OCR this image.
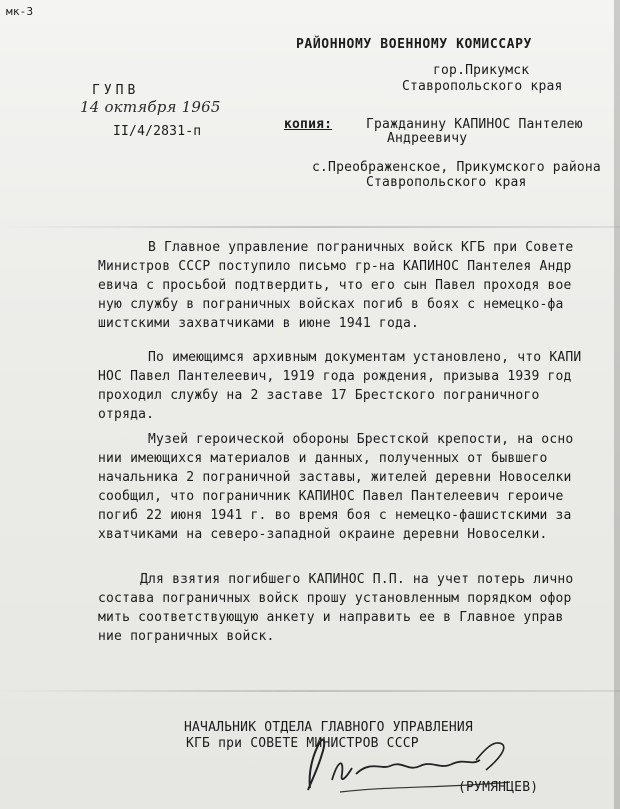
мк-3
РАЙОННОМУ ВОЕННОМУ КОМИССАРУ
гор.Прикумск
Ставропольского края
ГУПВ
14 октября 1965
II/4/2831-п	копия:	Гражданину КАПИНОС Пантелею
Андреевичу
с.Преображенское, Прикумского района
Ставропольского края
В Главное управление пограничных войск КГБ при Совете
Министров СССР поступило письмо гр-на КАПИНОС Пантелея Андр
евича с просьбой подтвердить, что его сын Павел проходя вое
ную службу в пограничных войсках погиб в боях с немецко-фа
шистскими захватчиками в июне 1941 года.
По имеющимся архивным документам установлено, что КАПИ
НОС Павел Пантелеевич, 1919 года рождения, призыва 1939 год
проходил службу на 2 заставе 17 Брестского пограничного
отряда.
Музей героической обороны Брестской крепости, на осно
нии имеющихся материалов и данных, полученных от бывшего
начальника 2 пограничной заставы, жителей деревни Новоселки
сообщил, что пограничник КАПИНОС Павел Пантелеевич героиче
погиб 22 июня 1941 г. во время боя с немецко-фашистскими за
хватчиками на северо-западной окраине деревни Новоселки.
Для взятия погибшего КАПИНОС П.П. на учет потерь лично
состава пограничных войск прошу установленным порядком офор
мить соответствующую анкету и направить ее в Главное управ
ние пограничных войск.
НАЧАЛЬНИК ОТДЕЛА ГЛАВНОГО УПРАВЛЕНИЯ
КГБ при СОВЕТЕ МИНИСТРОВ СССР
(РУМЯНЦЕВ)
